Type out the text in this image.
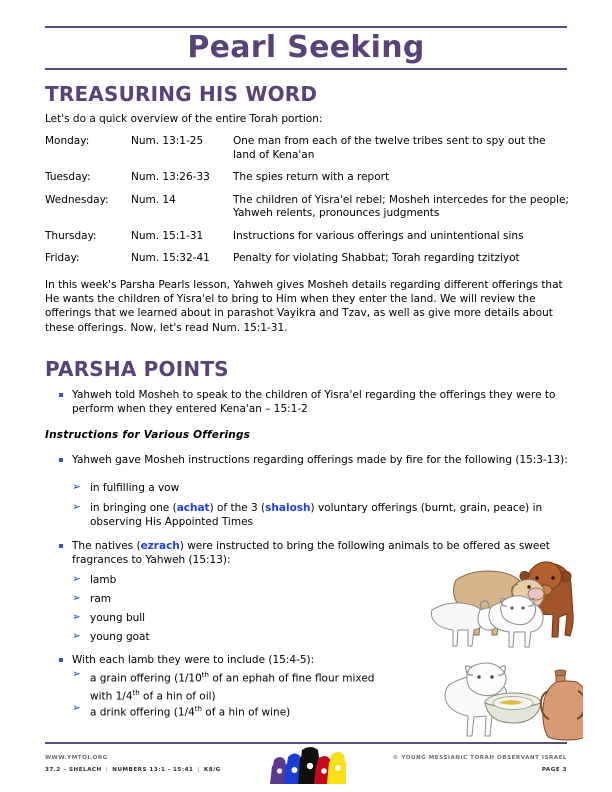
Pearl Seeking
TREASURING HIS WORD
Let's do a quick overview of the entire Torah portion:
Monday:	Num. 13:1-25	One man from each of the twelve tribes sent to spy out the land of Kena'an
Tuesday:	Num. 13:26-33	The spies return with a report
Wednesday:	Num. 14	The children of Yisra'el rebel; Mosheh intercedes for the people; Yahweh relents, pronounces judgments
Thursday:	Num. 15:1-31	Instructions for various offerings and unintentional sins
Friday:	Num. 15:32-41	Penalty for violating Shabbat; Torah regarding tzitziyot
In this week's Parsha Pearls lesson, Yahweh gives Mosheh details regarding different offerings that He wants the children of Yisra'el to bring to Him when they enter the land. We will review the offerings that we learned about in parashot Vayikra and Tzav, as well as give more details about these offerings. Now, let's read Num. 15:1-31.
PARSHA POINTS
Yahweh told Mosheh to speak to the children of Yisra'el regarding the offerings they were to perform when they entered Kena'an – 15:1-2
Instructions for Various Offerings
Yahweh gave Mosheh instructions regarding offerings made by fire for the following (15:3-13):
➢ in fulfilling a vow
➢ in bringing one (achat) of the 3 (shalosh) voluntary offerings (burnt, grain, peace) in observing His Appointed Times
The natives (ezrach) were instructed to bring the following animals to be offered as sweet fragrances to Yahweh (15:13):
➢ lamb
➢ ram
➢ young bull
➢ young goat
With each lamb they were to include (15:4-5):
➢ a grain offering (1/10th of an ephah of fine flour mixed with 1/4th of a hin of oil)
➢ a drink offering (1/4th of a hin of wine)
WWW.YMTOI.ORG
37.2 – SHELACH | NUMBERS 13:1 - 15:41 | K8/G
© YOUNG MESSIANIC TORAH OBSERVANT ISRAEL
PAGE 3
